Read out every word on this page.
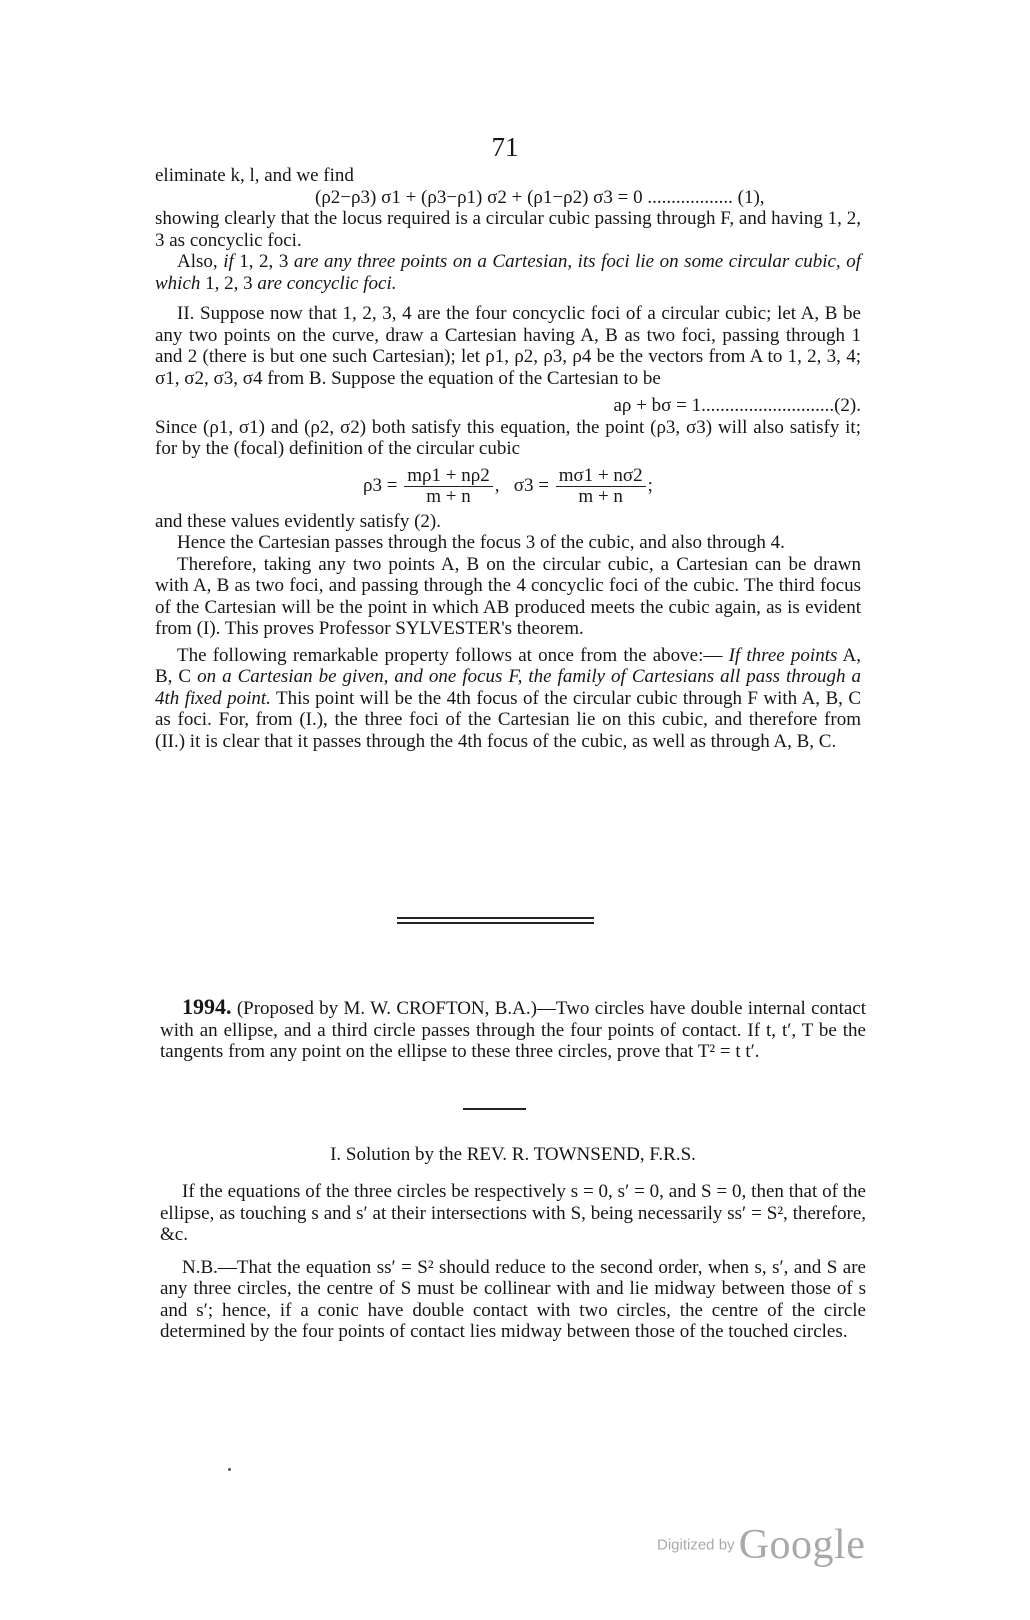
71

eliminate k, l, and we find

(ρ2−ρ3) σ1 + (ρ3−ρ1) σ2 + (ρ1−ρ2) σ3 = 0 .................. (1),

showing clearly that the locus required is a circular cubic passing through F, and having 1, 2, 3 as concyclic foci.

Also, if 1, 2, 3 are any three points on a Cartesian, its foci lie on some circular cubic, of which 1, 2, 3 are concyclic foci.

II. Suppose now that 1, 2, 3, 4 are the four concyclic foci of a circular cubic; let A, B be any two points on the curve, draw a Cartesian having A, B as two foci, passing through 1 and 2 (there is but one such Cartesian); let ρ1, ρ2, ρ3, ρ4 be the vectors from A to 1, 2, 3, 4; σ1, σ2, σ3, σ4 from B. Suppose the equation of the Cartesian to be

aρ + bσ = 1............................(2).

Since (ρ1, σ1) and (ρ2, σ2) both satisfy this equation, the point (ρ3, σ3) will also satisfy it; for by the (focal) definition of the circular cubic

$\rho 3 = \frac{m\rho 1 + n\rho 2}{m + n}$ , $\sigma 3 = \frac{m\sigma 1 + n\sigma 2}{m + n}$ ;

and these values evidently satisfy (2).

Hence the Cartesian passes through the focus 3 of the cubic, and also through 4.

Therefore, taking any two points A, B on the circular cubic, a Cartesian can be drawn with A, B as two foci, and passing through the 4 concyclic foci of the cubic. The third focus of the Cartesian will be the point in which AB produced meets the cubic again, as is evident from (I). This proves Professor SYLVESTER's theorem.

The following remarkable property follows at once from the above:— If three points A, B, C on a Cartesian be given, and one focus F, the family of Cartesians all pass through a 4th fixed point. This point will be the 4th focus of the circular cubic through F with A, B, C as foci. For, from (I.), the three foci of the Cartesian lie on this cubic, and therefore from (II.) it is clear that it passes through the 4th focus of the cubic, as well as through A, B, C.

1994. (Proposed by M. W. CROFTON, B.A.)—Two circles have double internal contact with an ellipse, and a third circle passes through the four points of contact. If t, t′, T be the tangents from any point on the ellipse to these three circles, prove that T² = t t′.

I. Solution by the REV. R. TOWNSEND, F.R.S.

If the equations of the three circles be respectively s = 0, s′ = 0, and S = 0, then that of the ellipse, as touching s and s′ at their intersections with S, being necessarily ss′ = S², therefore, &c.

N.B.—That the equation ss′ = S² should reduce to the second order, when s, s′, and S are any three circles, the centre of S must be collinear with and lie midway between those of s and s′; hence, if a conic have double contact with two circles, the centre of the circle determined by the four points of contact lies midway between those of the touched circles.

Digitized by Google
